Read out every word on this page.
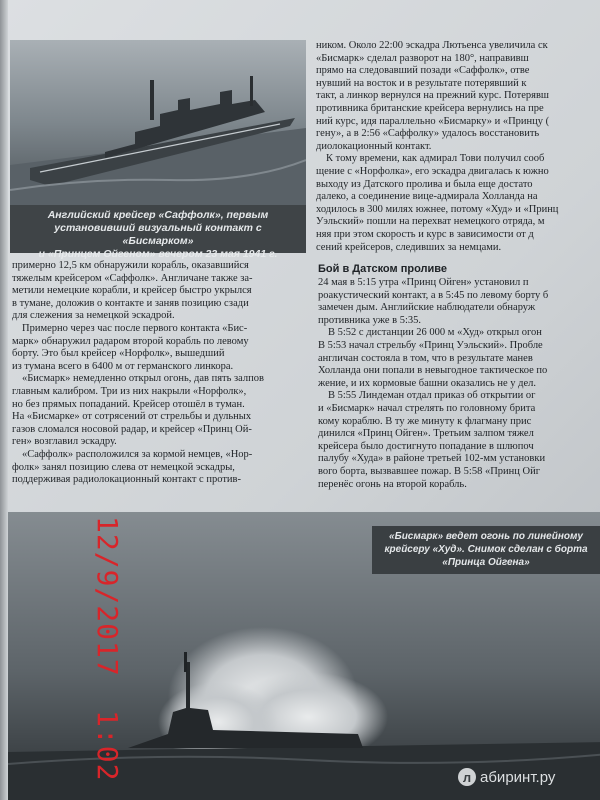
Английский крейсер «Саффолк», первым
установивший визуальный контакт с «Бисмарком»
и «Принцем Ойгеном» вечером 23 мая 1941 г.
ником. Около 22:00 эскадра Лютьенса увеличила ск
«Бисмарк» сделал разворот на 180°, направивш
прямо на следовавший позади «Саффолк», отве
нувший на восток и в результате потерявший к
такт, а линкор вернулся на прежний курс. Потерявш
противника британские крейсера вернулись на пре
ний курс, идя параллельно «Бисмарку» и «Принцу (
гену», а в 2:56 «Саффолку» удалось восстановить
диолокационный контакт.
К тому времени, как адмирал Тови получил сооб
щение с «Норфолка», его эскадра двигалась к южно
выходу из Датского пролива и была еще достато
далеко, а соединение вице-адмирала Холланда на
ходилось в 300 милях южнее, потому «Худ» и «Принц
Уэльский» пошли на перехват немецкого отряда, м
няя при этом скорость и курс в зависимости от д
сений крейсеров, следивших за немцами.
примерно 12,5 км обнаружили корабль, оказавшийся
тяжелым крейсером «Саффолк». Англичане также за-
метили немецкие корабли, и крейсер быстро укрылся
в тумане, доложив о контакте и заняв позицию сзади
для слежения за немецкой эскадрой.
Примерно через час после первого контакта «Бис-
марк» обнаружил радаром второй корабль по левому
борту. Это был крейсер «Норфолк», вышедший
из тумана всего в 6400 м от германского линкора.
«Бисмарк» немедленно открыл огонь, дав пять залпов
главным калибром. Три из них накрыли «Норфолк»,
но без прямых попаданий. Крейсер отошёл в туман.
На «Бисмарке» от сотрясений от стрельбы и дульных
газов сломался носовой радар, и крейсер «Принц Ой-
ген» возглавил эскадру.
«Саффолк» расположился за кормой немцев, «Нор-
фолк» занял позицию слева от немецкой эскадры,
поддерживая радиолокационный контакт с против-

Бой в Датском проливе

24 мая в 5:15 утра «Принц Ойген» установил п
роакустический контакт, а в 5:45 по левому борту б
замечен дым. Английские наблюдатели обнаруж
противника уже в 5:35.
В 5:52 с дистанции 26 000 м «Худ» открыл огон
В 5:53 начал стрельбу «Принц Уэльский». Пробле
англичан состояла в том, что в результате манев
Холланда они попали в невыгодное тактическое по
жение, и их кормовые башни оказались не у дел.
В 5:55 Линдеман отдал приказ об открытии ог
и «Бисмарк» начал стрелять по головному брита
кому кораблю. В ту же минуту к флагману прис
динился «Принц Ойген». Третьим залпом тяжел
крейсера было достигнуто попадание в шлюпоч
палубу «Худа» в районе третьей 102-мм установки
вого борта, вызвавшее пожар. В 5:58 «Принц Ойг
перенёс огонь на второй корабль.
«Бисмарк» ведет огонь по линейному
крейсеру «Худ». Снимок сделан с борта
«Принца Ойгена»
12/9/2017
1:02	л абиринт.ру
